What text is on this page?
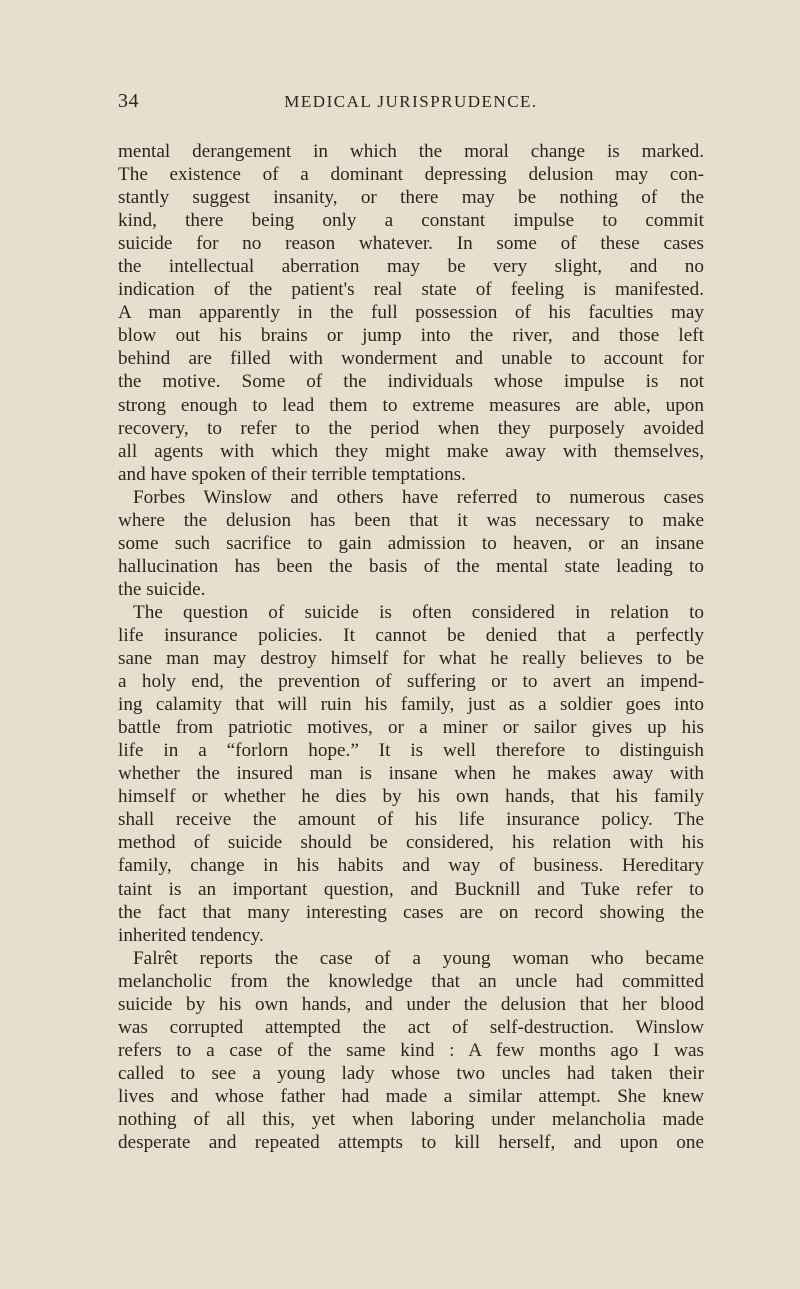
34	MEDICAL JURISPRUDENCE.
mental derangement in which the moral change is marked.
The existence of a dominant depressing delusion may con-
stantly suggest insanity, or there may be nothing of the
kind, there being only a constant impulse to commit
suicide for no reason whatever. In some of these cases
the intellectual aberration may be very slight, and no
indication of the patient's real state of feeling is manifested.
A man apparently in the full possession of his faculties may
blow out his brains or jump into the river, and those left
behind are filled with wonderment and unable to account for
the motive. Some of the individuals whose impulse is not
strong enough to lead them to extreme measures are able, upon
recovery, to refer to the period when they purposely avoided
all agents with which they might make away with themselves,
and have spoken of their terrible temptations.
Forbes Winslow and others have referred to numerous cases
where the delusion has been that it was necessary to make
some such sacrifice to gain admission to heaven, or an insane
hallucination has been the basis of the mental state leading to
the suicide.
The question of suicide is often considered in relation to
life insurance policies. It cannot be denied that a perfectly
sane man may destroy himself for what he really believes to be
a holy end, the prevention of suffering or to avert an impend-
ing calamity that will ruin his family, just as a soldier goes into
battle from patriotic motives, or a miner or sailor gives up his
life in a “forlorn hope.” It is well therefore to distinguish
whether the insured man is insane when he makes away with
himself or whether he dies by his own hands, that his family
shall receive the amount of his life insurance policy. The
method of suicide should be considered, his relation with his
family, change in his habits and way of business. Hereditary
taint is an important question, and Bucknill and Tuke refer to
the fact that many interesting cases are on record showing the
inherited tendency.
Falrêt reports the case of a young woman who became
melancholic from the knowledge that an uncle had committed
suicide by his own hands, and under the delusion that her blood
was corrupted attempted the act of self-destruction. Winslow
refers to a case of the same kind : A few months ago I was
called to see a young lady whose two uncles had taken their
lives and whose father had made a similar attempt. She knew
nothing of all this, yet when laboring under melancholia made
desperate and repeated attempts to kill herself, and upon one
